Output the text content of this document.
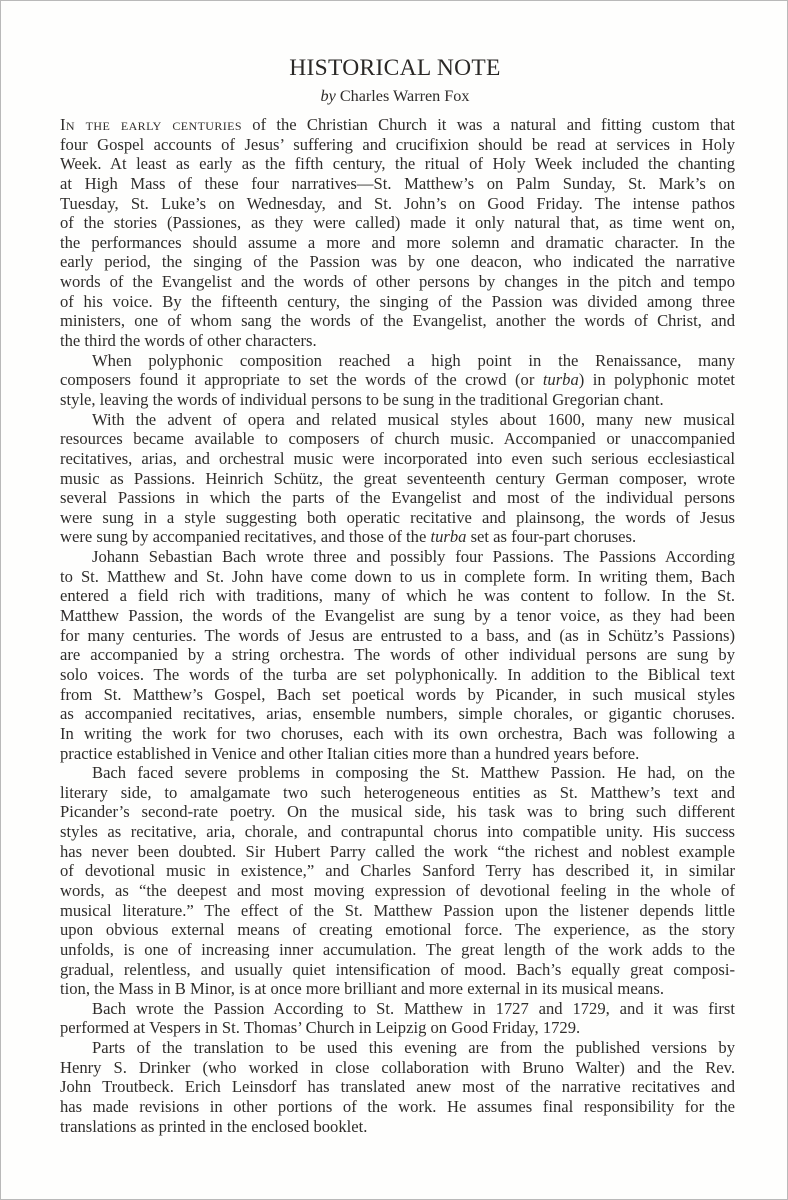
HISTORICAL NOTE
by Charles Warren Fox
In the early centuries of the Christian Church it was a natural and fitting custom that
four Gospel accounts of Jesus’ suffering and crucifixion should be read at services in Holy
Week. At least as early as the fifth century, the ritual of Holy Week included the chanting
at High Mass of these four narratives—St. Matthew’s on Palm Sunday, St. Mark’s on
Tuesday, St. Luke’s on Wednesday, and St. John’s on Good Friday. The intense pathos
of the stories (Passiones, as they were called) made it only natural that, as time went on,
the performances should assume a more and more solemn and dramatic character. In the
early period, the singing of the Passion was by one deacon, who indicated the narrative
words of the Evangelist and the words of other persons by changes in the pitch and tempo
of his voice. By the fifteenth century, the singing of the Passion was divided among three
ministers, one of whom sang the words of the Evangelist, another the words of Christ, and
the third the words of other characters.
When polyphonic composition reached a high point in the Renaissance, many
composers found it appropriate to set the words of the crowd (or turba) in polyphonic motet
style, leaving the words of individual persons to be sung in the traditional Gregorian chant.
With the advent of opera and related musical styles about 1600, many new musical
resources became available to composers of church music. Accompanied or unaccompanied
recitatives, arias, and orchestral music were incorporated into even such serious ecclesiastical
music as Passions. Heinrich Schütz, the great seventeenth century German composer, wrote
several Passions in which the parts of the Evangelist and most of the individual persons
were sung in a style suggesting both operatic recitative and plainsong, the words of Jesus
were sung by accompanied recitatives, and those of the turba set as four-part choruses.
Johann Sebastian Bach wrote three and possibly four Passions. The Passions According
to St. Matthew and St. John have come down to us in complete form. In writing them, Bach
entered a field rich with traditions, many of which he was content to follow. In the St.
Matthew Passion, the words of the Evangelist are sung by a tenor voice, as they had been
for many centuries. The words of Jesus are entrusted to a bass, and (as in Schütz’s Passions)
are accompanied by a string orchestra. The words of other individual persons are sung by
solo voices. The words of the turba are set polyphonically. In addition to the Biblical text
from St. Matthew’s Gospel, Bach set poetical words by Picander, in such musical styles
as accompanied recitatives, arias, ensemble numbers, simple chorales, or gigantic choruses.
In writing the work for two choruses, each with its own orchestra, Bach was following a
practice established in Venice and other Italian cities more than a hundred years before.
Bach faced severe problems in composing the St. Matthew Passion. He had, on the
literary side, to amalgamate two such heterogeneous entities as St. Matthew’s text and
Picander’s second-rate poetry. On the musical side, his task was to bring such different
styles as recitative, aria, chorale, and contrapuntal chorus into compatible unity. His success
has never been doubted. Sir Hubert Parry called the work “the richest and noblest example
of devotional music in existence,” and Charles Sanford Terry has described it, in similar
words, as “the deepest and most moving expression of devotional feeling in the whole of
musical literature.” The effect of the St. Matthew Passion upon the listener depends little
upon obvious external means of creating emotional force. The experience, as the story
unfolds, is one of increasing inner accumulation. The great length of the work adds to the
gradual, relentless, and usually quiet intensification of mood. Bach’s equally great composi-
tion, the Mass in B Minor, is at once more brilliant and more external in its musical means.
Bach wrote the Passion According to St. Matthew in 1727 and 1729, and it was first
performed at Vespers in St. Thomas’ Church in Leipzig on Good Friday, 1729.
Parts of the translation to be used this evening are from the published versions by
Henry S. Drinker (who worked in close collaboration with Bruno Walter) and the Rev.
John Troutbeck. Erich Leinsdorf has translated anew most of the narrative recitatives and
has made revisions in other portions of the work. He assumes final responsibility for the
translations as printed in the enclosed booklet.
